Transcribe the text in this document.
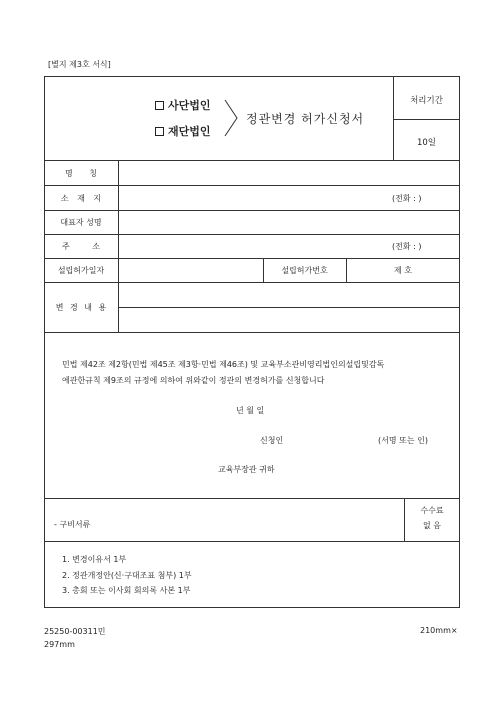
[별지 제3호 서식]
사단법인
재단법인
정관변경 허가신청서
처리기간
10일
명 칭
소 재 지	(전화 : )
대표자 성명
주 소	(전화 : )
설립허가일자	설립허가번호	제 호
변 경 내 용
민법 제42조 제2항(민법 제45조 제3항·민법 제46조) 및 교육부소관비영리법인의설립및감독
에관한규칙 제9조의 규정에 의하여 위와같이 정관의 변경허가를 신청합니다
년 월 일
신청인	(서명 또는 인)
교육부장관 귀하
- 구비서류
수수료
없 음
1. 변경이유서 1부
2. 정관개정안(신·구대조표 첨부) 1부
3. 총회 또는 이사회 회의록 사본 1부
25250-00311민	210mm×
297mm
